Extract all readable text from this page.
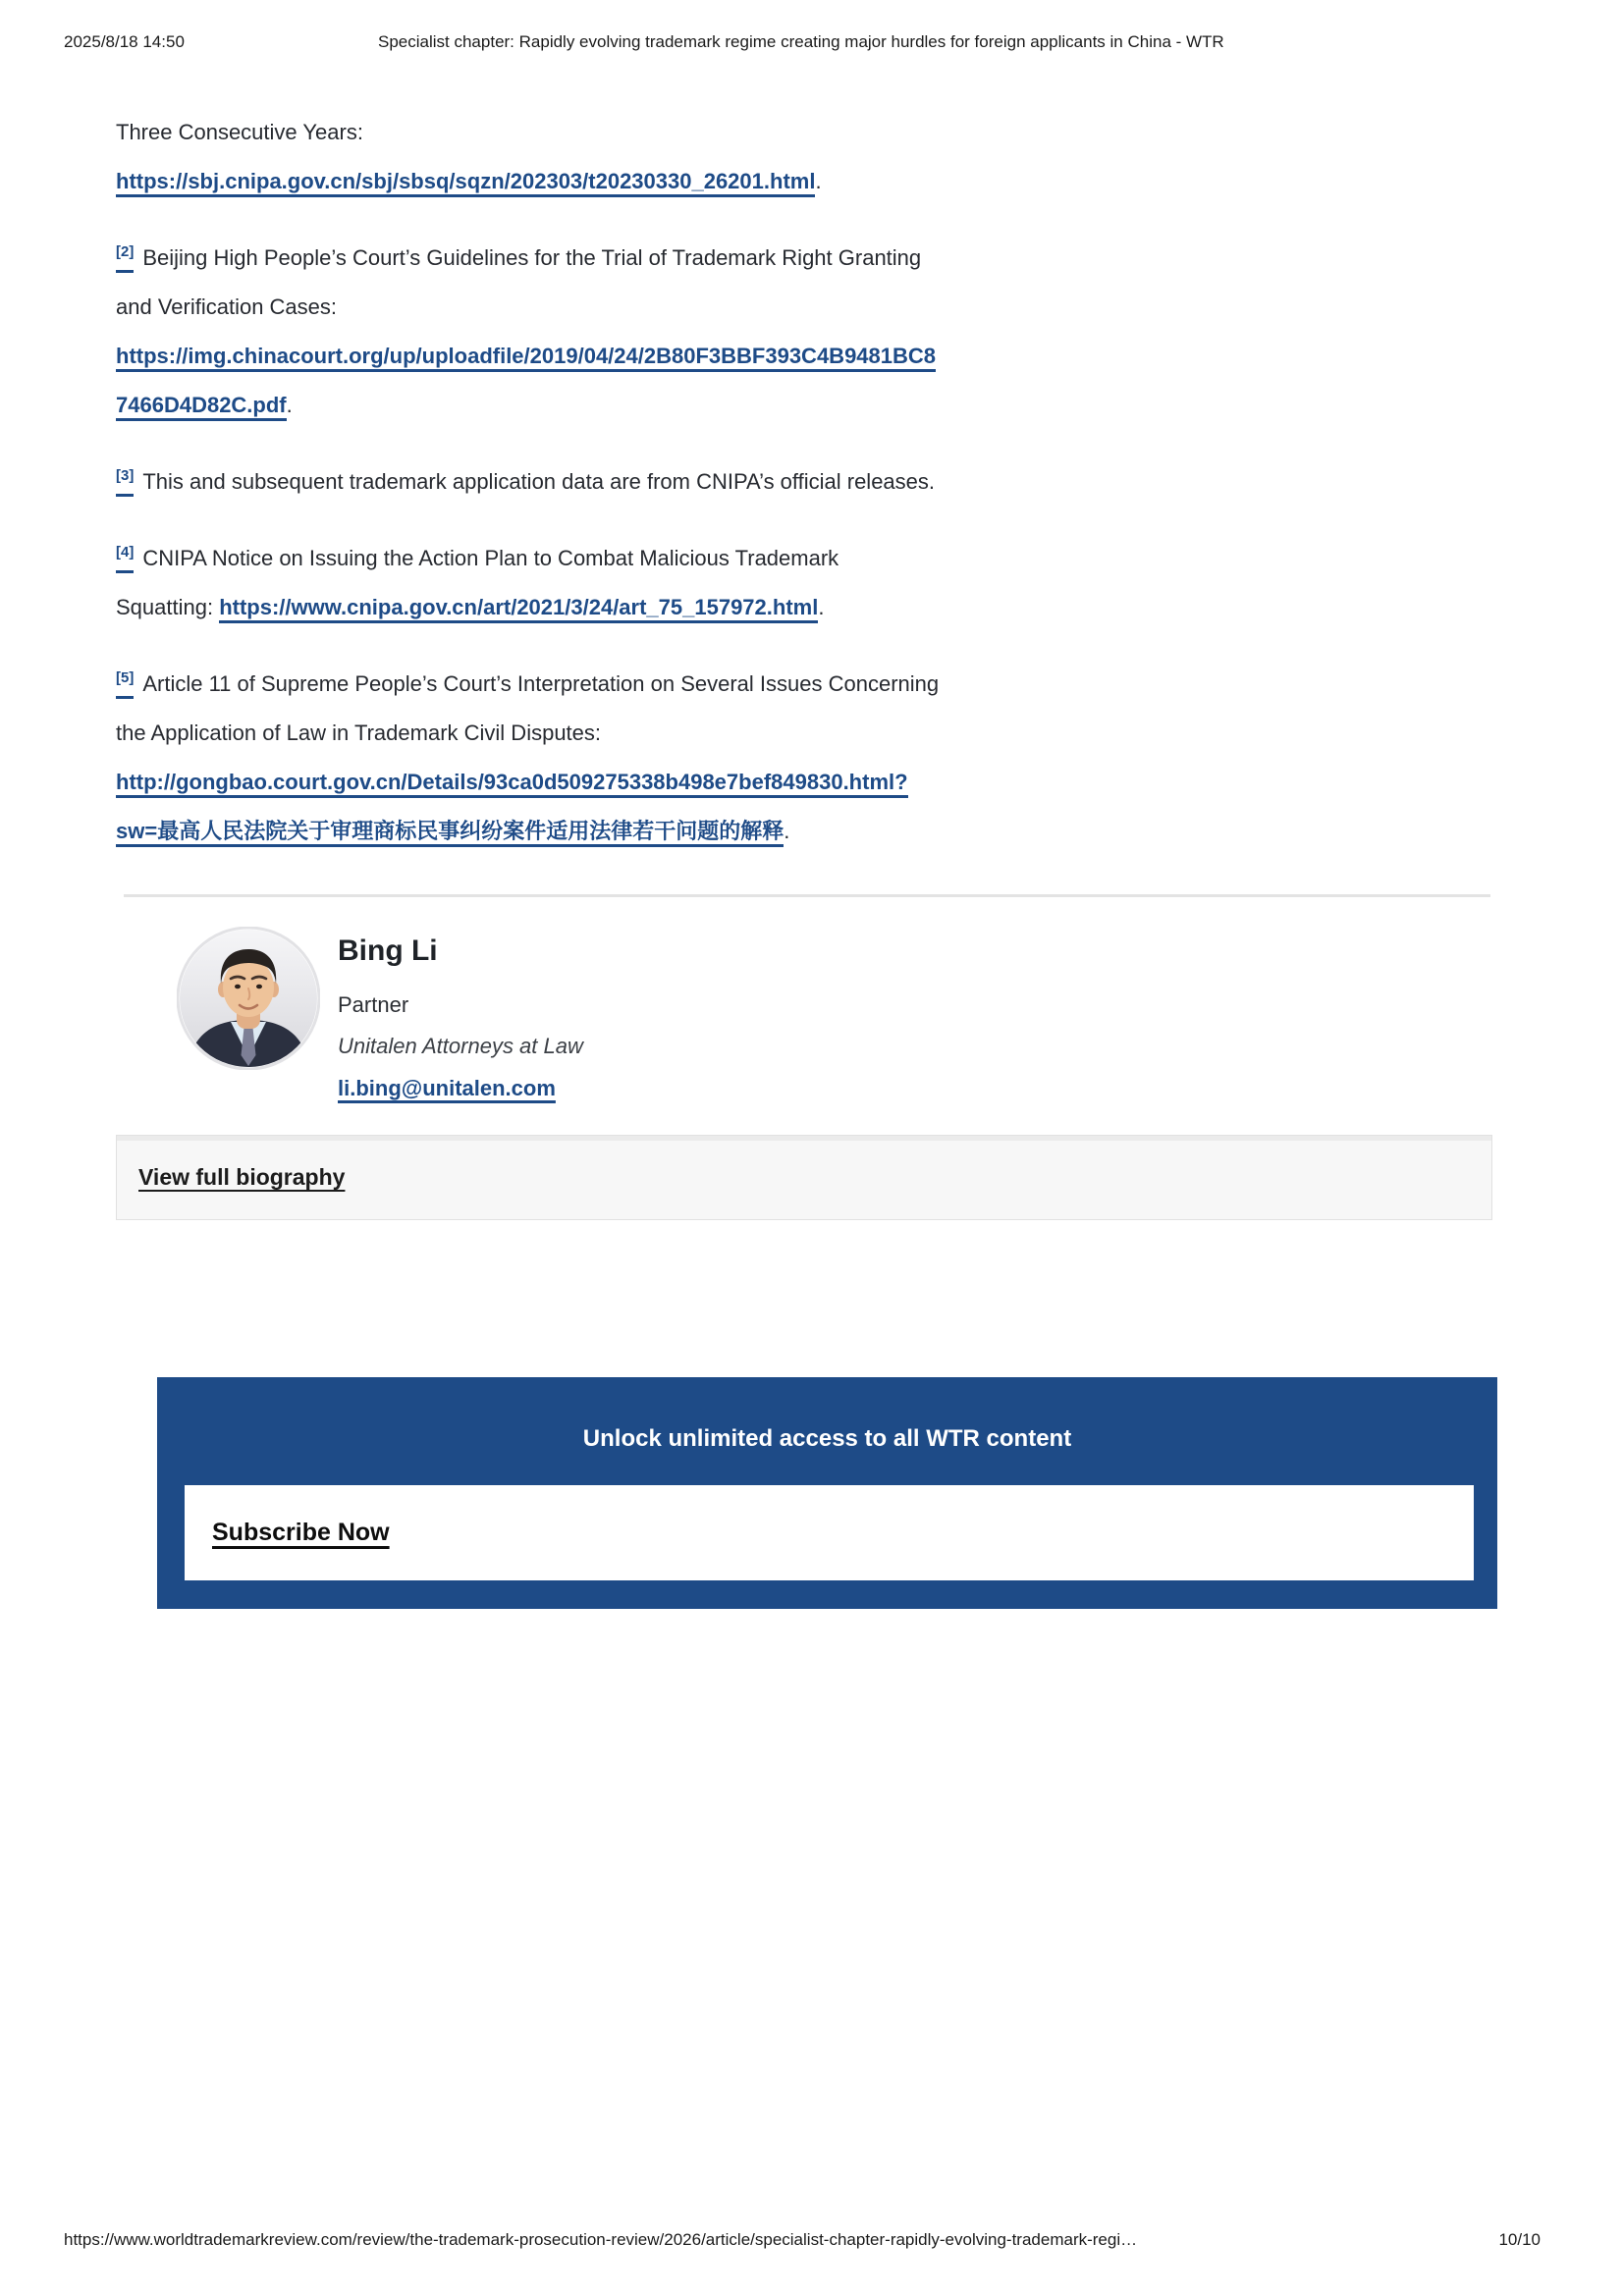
2025/8/18 14:50	Specialist chapter: Rapidly evolving trademark regime creating major hurdles for foreign applicants in China - WTR

Three Consecutive Years:
https://sbj.cnipa.gov.cn/sbj/sbsq/sqzn/202303/t20230330_26201.html.

[2] Beijing High People’s Court’s Guidelines for the Trial of Trademark Right Granting
and Verification Cases:
https://img.chinacourt.org/up/uploadfile/2019/04/24/2B80F3BBF393C4B9481BC8
7466D4D82C.pdf.

[3] This and subsequent trademark application data are from CNIPA’s official releases.

[4] CNIPA Notice on Issuing the Action Plan to Combat Malicious Trademark
Squatting: https://www.cnipa.gov.cn/art/2021/3/24/art_75_157972.html.

[5] Article 11 of Supreme People’s Court’s Interpretation on Several Issues Concerning
the Application of Law in Trademark Civil Disputes:
http://gongbao.court.gov.cn/Details/93ca0d509275338b498e7bef849830.html?
sw=最高人民法院关于审理商标民事纠纷案件适用法律若干问题的解释.

Bing Li
Partner
Unitalen Attorneys at Law
li.bing@unitalen.com
View full biography
Unlock unlimited access to all WTR content
Subscribe Now
https://www.worldtrademarkreview.com/review/the-trademark-prosecution-review/2026/article/specialist-chapter-rapidly-evolving-trademark-regi…	10/10
